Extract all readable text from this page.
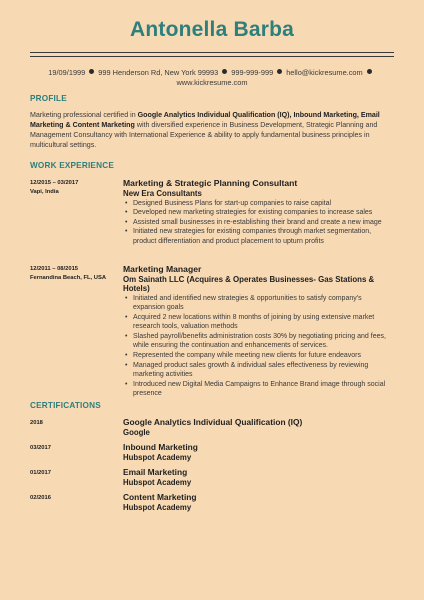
Antonella Barba
19/09/1999 999 Henderson Rd, New York 99993 999-999-999 hello@kickresume.com
www.kickresume.com
PROFILE
Marketing professional certified in Google Analytics Individual Qualification (IQ), Inbound Marketing, Email Marketing & Content Marketing with diversified experience in Business Development, Strategic Planning and Management Consultancy with International Experience & ability to apply fundamental business principles in multicultural settings.
WORK EXPERIENCE
12/2015 – 03/2017
Vapi, India
Marketing & Strategic Planning Consultant
New Era Consultants
• Designed Business Plans for start-up companies to raise capital
• Developed new marketing strategies for existing companies to increase sales
• Assisted small businesses in re-establishing their brand and create a new image
• Initiated new strategies for existing companies through market segmentation, product differentiation and product placement to upturn profits
12/2011 – 08/2015
Fernandina Beach, FL, USA
Marketing Manager
Om Sainath LLC (Acquires & Operates Businesses- Gas Stations & Hotels)
• Initiated and identified new strategies & opportunities to satisfy company's expansion goals
• Acquired 2 new locations within 8 months of joining by using extensive market research tools, valuation methods
• Slashed payroll/benefits administration costs 30% by negotiating pricing and fees, while ensuring the continuation and enhancements of services.
• Represented the company while meeting new clients for future endeavors
• Managed product sales growth & individual sales effectiveness by reviewing marketing activities
• Introduced new Digital Media Campaigns to Enhance Brand image through social presence
CERTIFICATIONS
2018	Google Analytics Individual Qualification (IQ)
Google
03/2017	Inbound Marketing
Hubspot Academy
01/2017	Email Marketing
Hubspot Academy
02/2016	Content Marketing
Hubspot Academy
